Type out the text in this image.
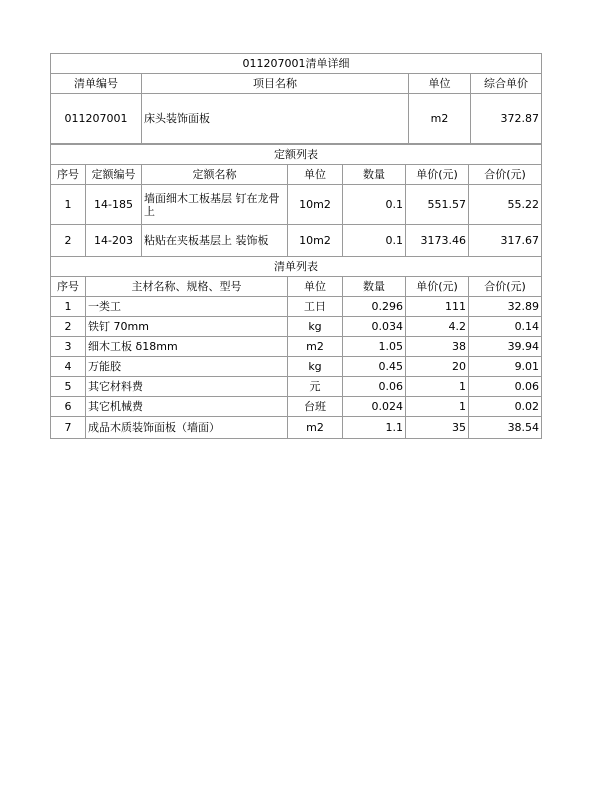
011207001清单详细			
清单编号	项目名称	单位	综合单价
011207001	床头装饰面板	m2	372.87
定额列表						
序号	定额编号	定额名称	单位	数量	单价(元)	合价(元)
1	14-185	墙面细木工板基层 钉在龙骨上	10m2	0.1	551.57	55.22
2	14-203	粘贴在夹板基层上 装饰板	10m2	0.1	3173.46	317.67
清单列表					
序号	主材名称、规格、型号	单位	数量	单价(元)	合价(元)
1	一类工	工日	0.296	111	32.89
2	铁钉 70mm	kg	0.034	4.2	0.14
3	细木工板 δ18mm	m2	1.05	38	39.94
4	万能胶	kg	0.45	20	9.01
5	其它材料费	元	0.06	1	0.06
6	其它机械费	台班	0.024	1	0.02
7	成品木质装饰面板（墙面）	m2	1.1	35	38.54
